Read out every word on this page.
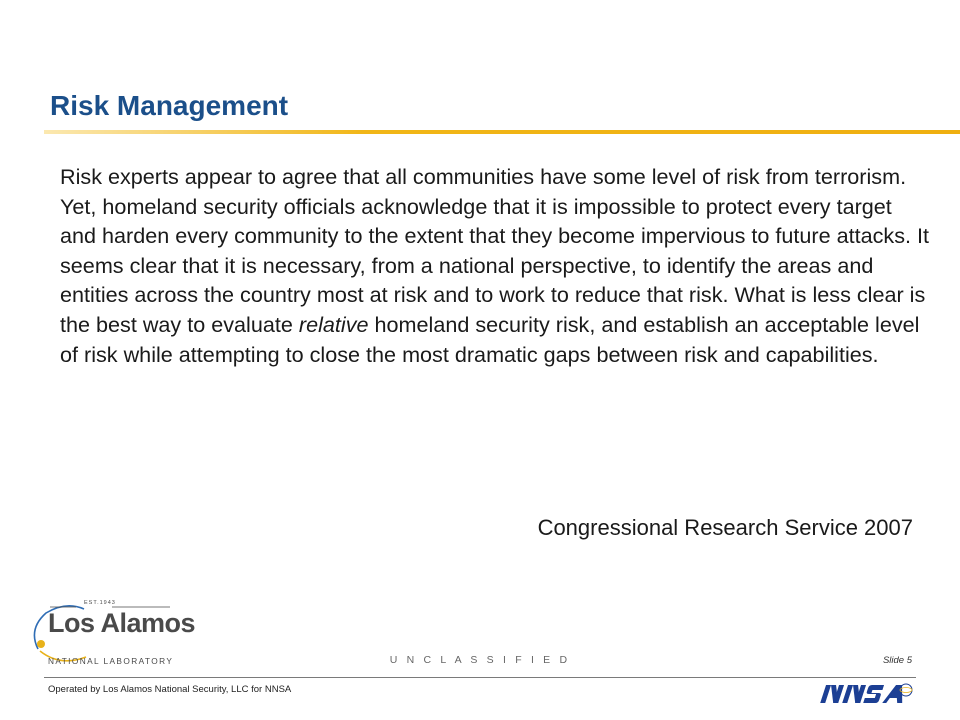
Risk Management

Risk experts appear to agree that all communities have some level of risk from terrorism. Yet, homeland security officials acknowledge that it is impossible to protect every target and harden every community to the extent that they become impervious to future attacks. It seems clear that it is necessary, from a national perspective, to identify the areas and entities across the country most at risk and to work to reduce that risk. What is less clear is the best way to evaluate relative homeland security risk, and establish an acceptable level of risk while attempting to close the most dramatic gaps between risk and capabilities.

Congressional Research Service 2007

EST.1943
Los Alamos
NATIONAL LABORATORY	U N C L A S S I F I E D	Slide 5
Operated by Los Alamos National Security, LLC for NNSA
